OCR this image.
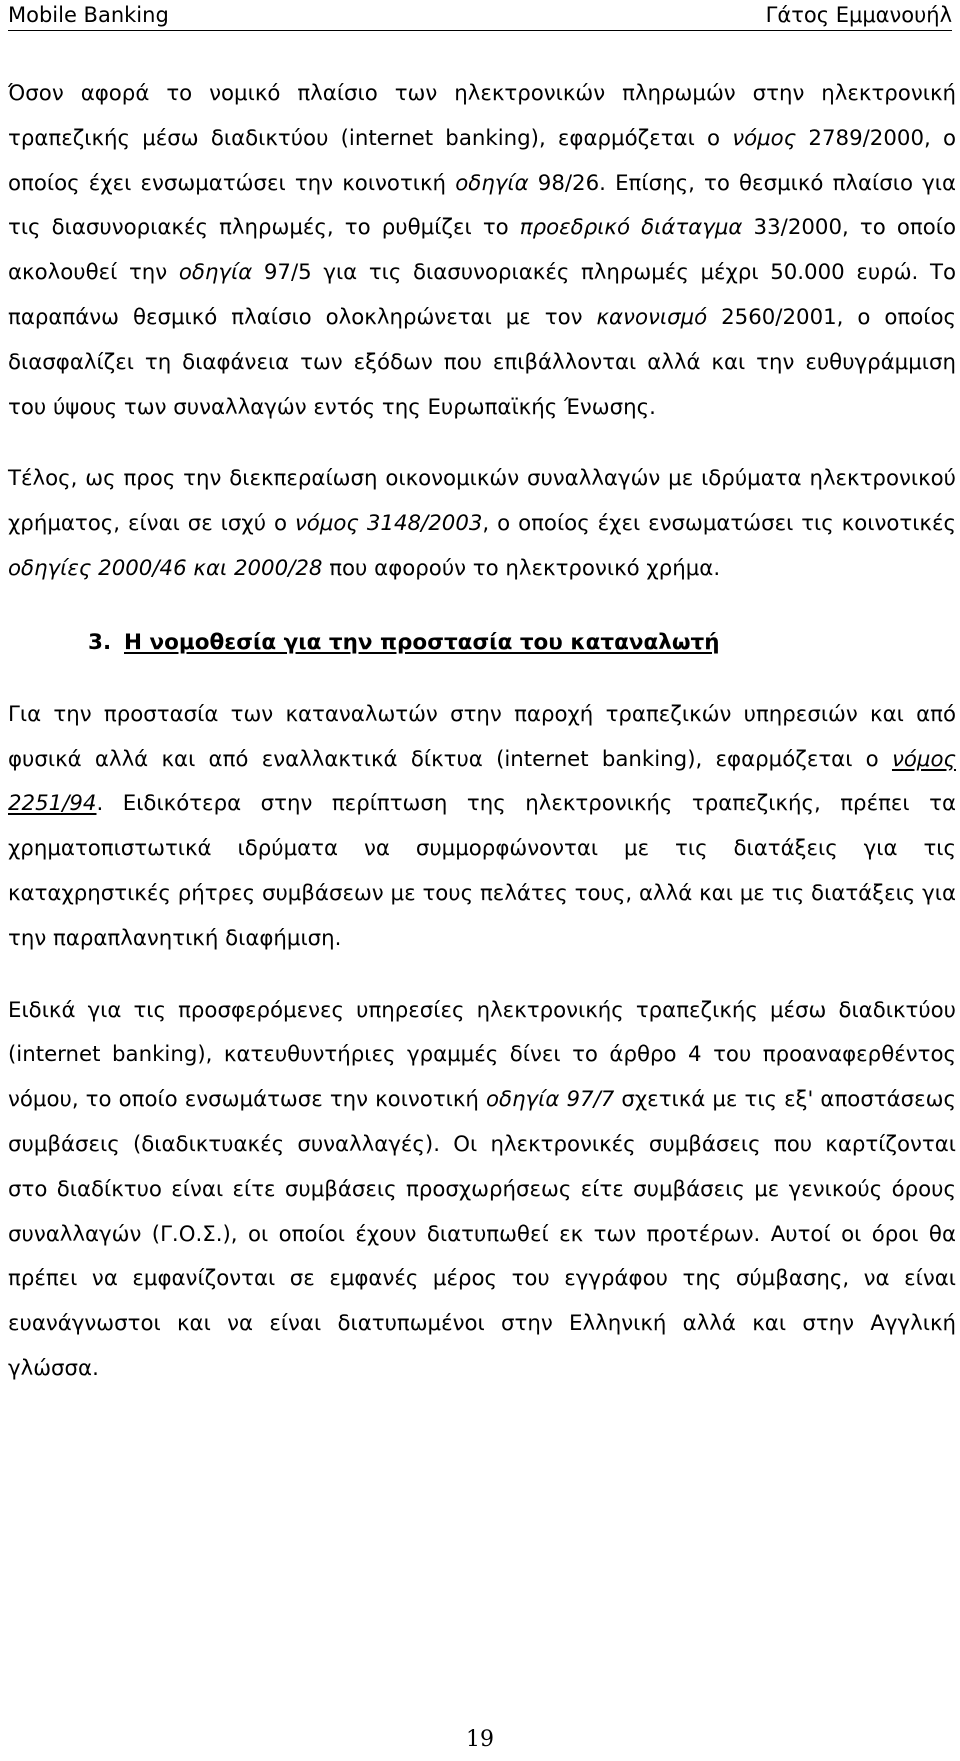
Mobile Banking	Γάτος Εμμανουήλ

Όσον αφορά το νομικό πλαίσιο των ηλεκτρονικών πληρωμών στην ηλεκτρονική τραπεζικής μέσω διαδικτύου (internet banking), εφαρμόζεται ο νόμος 2789/2000, ο οποίος έχει ενσωματώσει την κοινοτική οδηγία 98/26. Επίσης, το θεσμικό πλαίσιο για τις διασυνοριακές πληρωμές, το ρυθμίζει το προεδρικό διάταγμα 33/2000, το οποίο ακολουθεί την οδηγία 97/5 για τις διασυνοριακές πληρωμές μέχρι 50.000 ευρώ. Το παραπάνω θεσμικό πλαίσιο ολοκληρώνεται με τον κανονισμό 2560/2001, ο οποίος διασφαλίζει τη διαφάνεια των εξόδων που επιβάλλονται αλλά και την ευθυγράμμιση του ύψους των συναλλαγών εντός της Ευρωπαϊκής Ένωσης.

Τέλος, ως προς την διεκπεραίωση οικονομικών συναλλαγών με ιδρύματα ηλεκτρονικού χρήματος, είναι σε ισχύ ο νόμος 3148/2003, ο οποίος έχει ενσωματώσει τις κοινοτικές οδηγίες 2000/46 και 2000/28 που αφορούν το ηλεκτρονικό χρήμα.

3. Η νομοθεσία για την προστασία του καταναλωτή

Για την προστασία των καταναλωτών στην παροχή τραπεζικών υπηρεσιών και από φυσικά αλλά και από εναλλακτικά δίκτυα (internet banking), εφαρμόζεται ο νόμος 2251/94. Ειδικότερα στην περίπτωση της ηλεκτρονικής τραπεζικής, πρέπει τα χρηματοπιστωτικά ιδρύματα να συμμορφώνονται με τις διατάξεις για τις καταχρηστικές ρήτρες συμβάσεων με τους πελάτες τους, αλλά και με τις διατάξεις για την παραπλανητική διαφήμιση.

Ειδικά για τις προσφερόμενες υπηρεσίες ηλεκτρονικής τραπεζικής μέσω διαδικτύου (internet banking), κατευθυντήριες γραμμές δίνει το άρθρο 4 του προαναφερθέντος νόμου, το οποίο ενσωμάτωσε την κοινοτική οδηγία 97/7 σχετικά με τις εξ' αποστάσεως συμβάσεις (διαδικτυακές συναλλαγές). Οι ηλεκτρονικές συμβάσεις που καρτίζονται στο διαδίκτυο είναι είτε συμβάσεις προσχωρήσεως είτε συμβάσεις με γενικούς όρους συναλλαγών (Γ.Ο.Σ.), οι οποίοι έχουν διατυπωθεί εκ των προτέρων. Αυτοί οι όροι θα πρέπει να εμφανίζονται σε εμφανές μέρος του εγγράφου της σύμβασης, να είναι ευανάγνωστοι και να είναι διατυπωμένοι στην Ελληνική αλλά και στην Αγγλική γλώσσα.

19
